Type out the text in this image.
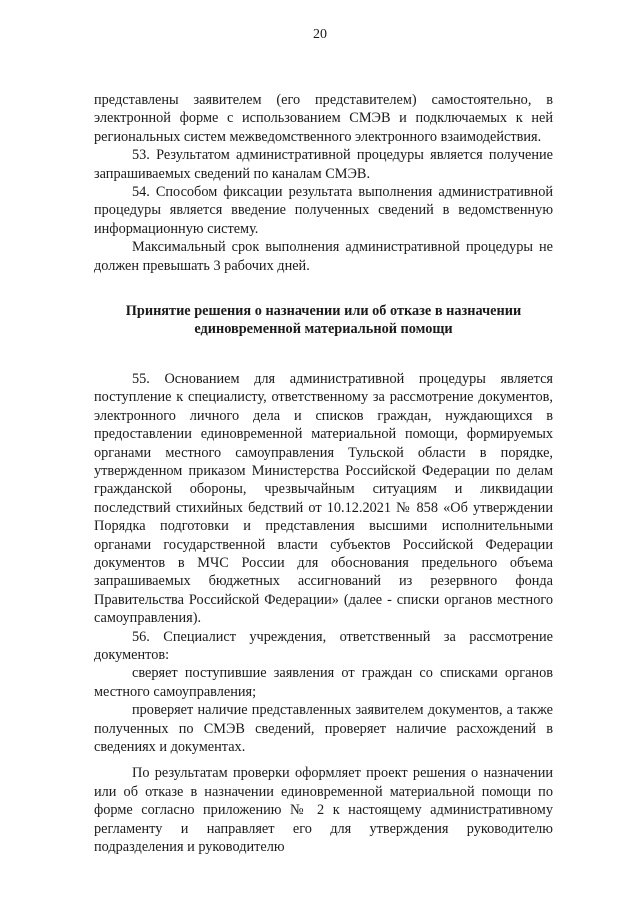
20

представлены заявителем (его представителем) самостоятельно, в электронной форме с использованием СМЭВ и подключаемых к ней региональных систем межведомственного электронного взаимодействия.

53. Результатом административной процедуры является получение запрашиваемых сведений по каналам СМЭВ.

54. Способом фиксации результата выполнения административной процедуры является введение полученных сведений в ведомственную информационную систему.

Максимальный срок выполнения административной процедуры не должен превышать 3 рабочих дней.

Принятие решения о назначении или об отказе в назначении единовременной материальной помощи

55. Основанием для административной процедуры является поступление к специалисту, ответственному за рассмотрение документов, электронного личного дела и списков граждан, нуждающихся в предоставлении единовременной материальной помощи, формируемых органами местного самоуправления Тульской области в порядке, утвержденном приказом Министерства Российской Федерации по делам гражданской обороны, чрезвычайным ситуациям и ликвидации последствий стихийных бедствий от 10.12.2021 № 858 «Об утверждении Порядка подготовки и представления высшими исполнительными органами государственной власти субъектов Российской Федерации документов в МЧС России для обоснования предельного объема запрашиваемых бюджетных ассигнований из резервного фонда Правительства Российской Федерации» (далее - списки органов местного самоуправления).

56. Специалист учреждения, ответственный за рассмотрение документов:

сверяет поступившие заявления от граждан со списками органов местного самоуправления;

проверяет наличие представленных заявителем документов, а также полученных по СМЭВ сведений, проверяет наличие расхождений в сведениях и документах.

По результатам проверки оформляет проект решения о назначении или об отказе в назначении единовременной материальной помощи по форме согласно приложению № 2 к настоящему административному регламенту и направляет его для утверждения руководителю подразделения и руководителю
